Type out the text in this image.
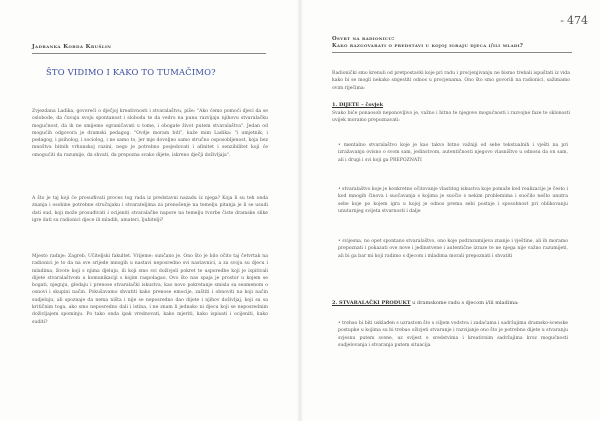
Jadranka Korda Krušlin
ŠTO VIDIMO I KAKO TO TUMAČIMO?

Zvjezdana Ladika, govoreći o dječjoj kreativnosti i stvaralaštvu, piše: "Ako ćemo pomoći djeci da se oslobode, da čuvaju svoju spontanost i slobodu te da vedro na punu razvijaju njihovu stvaralačku mogućnost, da ih ne smijemo ograničavati u tome, i obogate život putem stvaralaštva". Jedan od mogućih odgovora je dramski pedagog. "Ovdje moram biti", kaže mim Ladika: "i umjetnik, i pedagog, i psiholog, i sociolog, i ne samo to, jer mje dovoljno samo stručno osposobljenost, koja bez mnoštva bitnih vrhunskoj razini, nego je potrebno posjedovati i afinitet i senzibilitet koji će omogućiti da razumije, da shvati, da prepozna svako dijete, iskreno dječji doživljaja".

A što je taj koji će prosuđivati proces tog rada iz predstavni nazadu iz njega? Koja li su teh onda znanja i osobine potrebne stručnjaku i stvarateljima za prenošenje na temelju pitanja je li se usudi dati sud, koji može prosuđivati i ocijeniti stvaralačke napore na temelju tvorbe čiste dramske slike igre dati su radionici djece ili mladih, amateri, ljubitelji?

Mjesto radnje: Zagreb, Učiteljski fakultet. Vrijeme: sunčano je. Ono što je bilo očito taj četvrtak na radionici je to da na sve srijede mnogih u nastavi neposredno svi nastavnici, a za svoju su djecu i mladima, živote koji s njima djeluju, ili koji smo svi doživjeli pokret te usporedbe koji je ispitivali dijete stvaralaštvom u komunikaciji s kojim raspolagao. Ovo što nas spaja je prostor u kojem se bogati, njeguju, gledaju i prenose stvaralački iskustva, kao novo pokretanje smisla sa seamenom o osnovi i skupini način. Pokušavamo shvatiti kako prenose emocije, zaštiti i obnoviti na koji način sudjeluju, ali spoznaje da nema ništa i nije se neposredno dao dijete i njihov doživljaj, koji su sa kritičnim toga, ako smo neposredno dali i istina, i ne znam li jednako ni djecu koji se neposrednim doživljajem spominju. Po tako onda ipak vrednovati, kako mjeriti, kako ispisati i ocijeniti, kako suditi?

- 474
Osvrt na radionicu:
Kako razgovarati o predstavi u kojoj igraju djeca i/ili mladi?

Radionički smo krenuli od pretpostavki koje pri radu i procjenjivanju ne bismo trebali ispuštati iz vida kako bi se mogli nekako smjestiti odnos u procjenama. Ono što smo govorili na radionici, sažimamo ovim riječima:

1. DIJETE – čovjek

Svako biće ponaosob neponovljivo je, važno i bitno te njegove mogućnosti i razvojne faze te sklonosti uvijek moramo prepoznavati:

• mentalno stvaralaštvo koje je kao takvo bitno važniji od sebe tekstualnih i vješti na pri izražavanju ovisno o svom sam, jedinstvom, autentičnosti njegovo vlasništvo u odnosu da on sam, ali i drugi i svi koji ga PREPOZNATI

• stvaralaštvo koje je konkretno očitovanje vlastitog iskustva koje pomaže kod realizacije je često i kod mnogih činova i suočavanja s kojima je suočio s nekim problemima i suočilo nešto unutra sebe koje po kojem igra u kojoj je odnos prema sebi postaje i sposobnost pri oblikovanju unutarnjeg svijeta stvarnosti i dalje

• svijesna, no opet spontano stvaralaštvo, ono koje podrazumijeva znanje i vještine, ali ih moramo prepoznati i pokazati ove nove i jedinstvene i autentične izraze te ne njega nije važno razumijeti, ali bi ga bar mi koji radimo s djecom i mladima morali prepoznati i shvatiti

2. STVARALAČKI PRODUKT u dramskome radu s djecom i/ili mladima:

• trebao bi biti usklađen s uzrastom što s ciljem vodstva i zadaćama i sadržajima dramsko-scenske postupke u kojima su bi trebao oživjeti stvaranje i razvijanje ono što je potrebno dijete u stvaranju svjesnu putem scene, uz svijest o sredstvima i kreativnim sadržajima kroz mogućnosti sudjelovanja i stvaranja putem situacija
